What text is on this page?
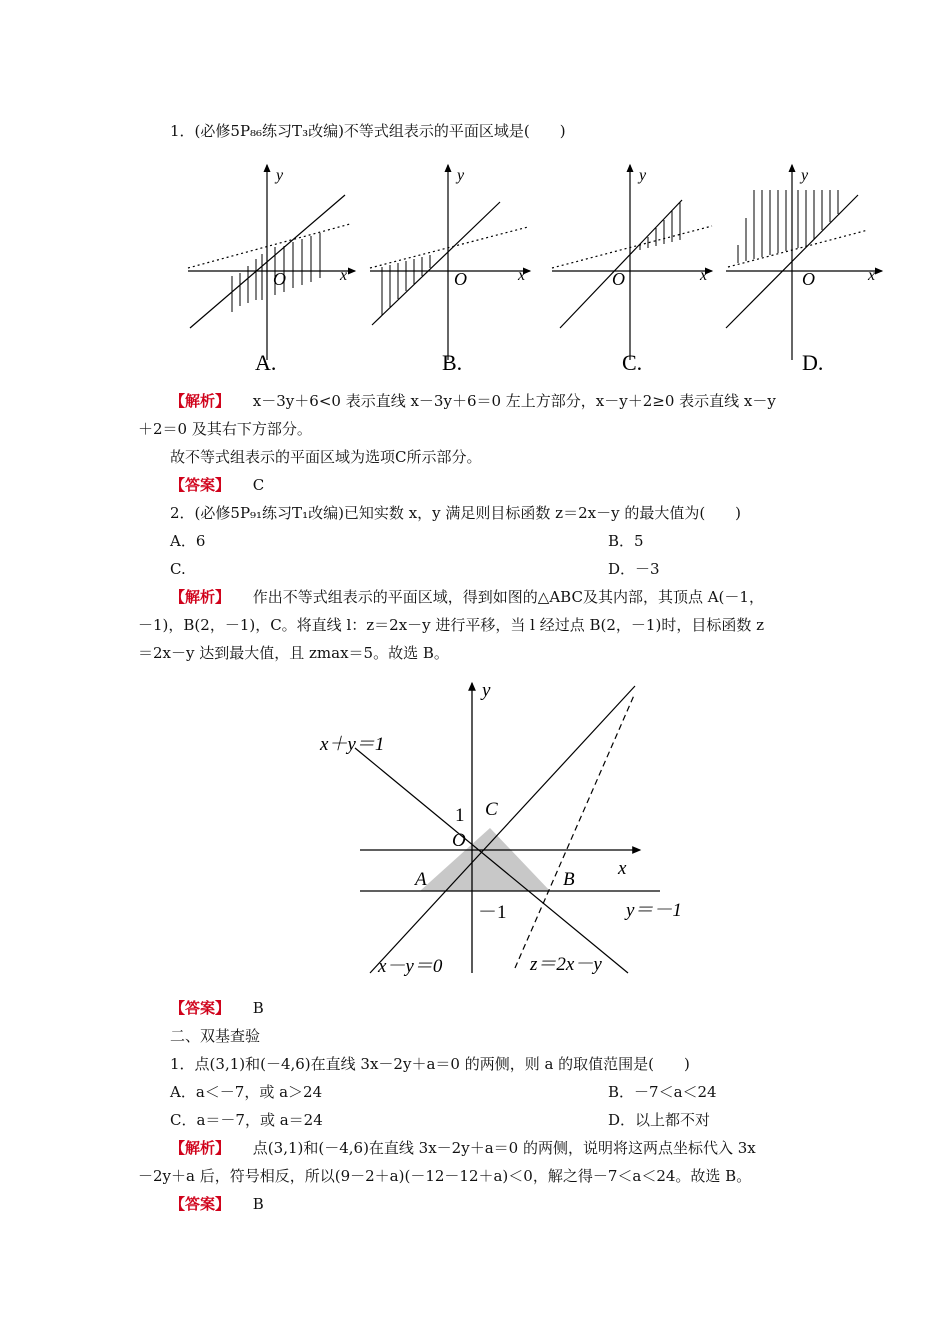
1．(必修5P₈₆练习T₃改编)不等式组表示的平面区域是(　　)
O	x
y
A.
O	x
y
B.
O	x
y
C.
O	x
y
D.
【解析】 x－3y＋6<0 表示直线 x－3y＋6＝0 左上方部分，x－y＋2≥0 表示直线 x－y
＋2＝0 及其右下方部分。
故不等式组表示的平面区域为选项C所示部分。
【答案】 C
2．(必修5P₉₁练习T₁改编)已知实数 x，y 满足则目标函数 z＝2x－y 的最大值为(　　)
A．6	B．5
C.	D．－3
【解析】 作出不等式组表示的平面区域，得到如图的△ABC及其内部，其顶点 A(－1，
－1)，B(2，－1)，C。将直线 l：z＝2x－y 进行平移，当 l 经过点 B(2，－1)时，目标函数 z
＝2x－y 达到最大值，且 zmax＝5。故选 B。
x＋y＝1
x－y＝0
y＝－1
z＝2x－y
1
－1
A	B
C
O
x
y
【答案】 B
二、双基查验
1．点(3,1)和(－4,6)在直线 3x－2y＋a＝0 的两侧，则 a 的取值范围是(　　)
A．a＜－7，或 a＞24	B．－7＜a＜24
C．a＝－7，或 a＝24	D．以上都不对
【解析】 点(3,1)和(－4,6)在直线 3x－2y＋a＝0 的两侧，说明将这两点坐标代入 3x
－2y＋a 后，符号相反，所以(9－2＋a)(－12－12＋a)＜0，解之得－7＜a＜24。故选 B。
【答案】 B
